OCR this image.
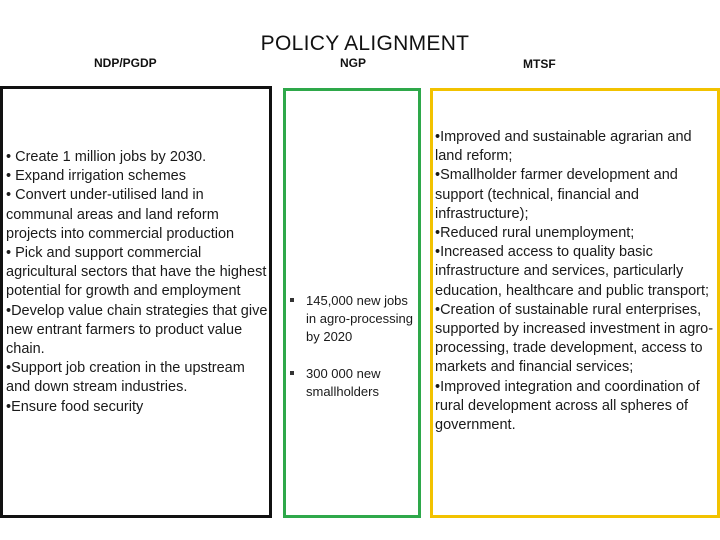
POLICY ALIGNMENT
NDP/PGDP	NGP	MTSF
• Create 1 million jobs by 2030.
• Expand irrigation schemes
• Convert under-utilised land in communal areas and land reform projects into commercial production
• Pick and support commercial agricultural sectors that have the highest potential for growth and employment
•Develop value chain strategies that give new entrant farmers to product value chain.
•Support job creation in the upstream and down stream industries.
•Ensure food security
145,000 new jobs in agro-processing by 2020
300 000 new smallholders
•Improved and sustainable agrarian and land reform;
•Smallholder farmer development and support (technical, financial and infrastructure);
•Reduced rural unemployment;
•Increased access to quality basic infrastructure and services, particularly education, healthcare and public transport;
•Creation of sustainable rural enterprises, supported by increased investment in agro-processing, trade development, access to markets and financial services;
•Improved integration and coordination of rural development across all spheres of government.
